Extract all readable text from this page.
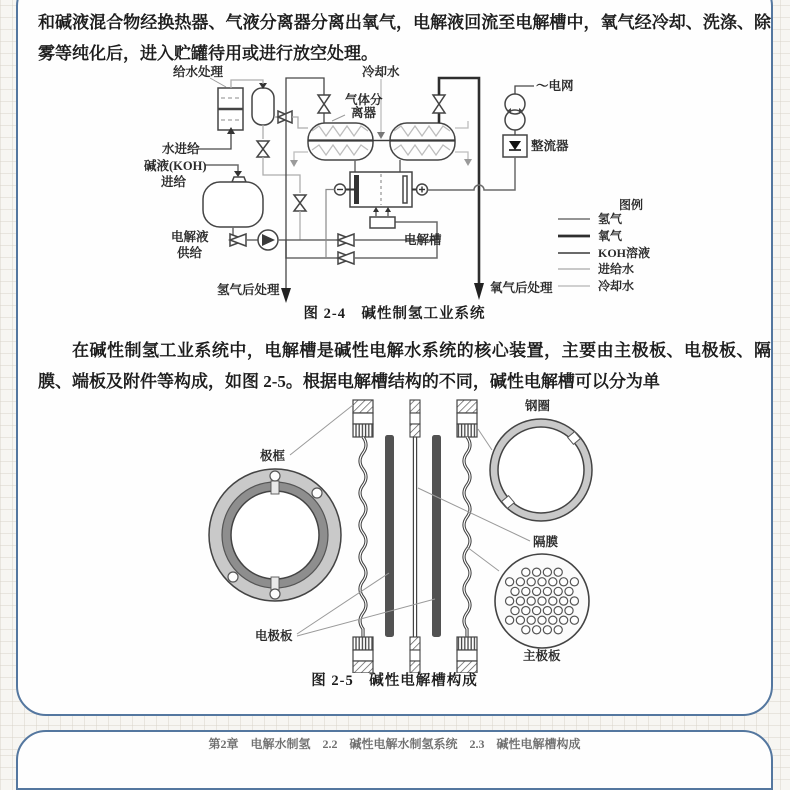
和碱液混合物经换热器、气液分离器分离出氧气，电解液回流至电解槽中，氧气经冷却、洗涤、除雾等纯化后，进入贮罐待用或进行放空处理。

给水处理	冷却水
气体分
离器
～电网
整流器
水进给
碱液(KOH)
进给
电解液
供给
电解槽
氢气后处理	氧气后处理
图例
氢气
氧气
KOH溶液
进给水
冷却水
图 2-4　碱性制氢工业系统

在碱性制氢工业系统中，电解槽是碱性电解水系统的核心装置，主要由主极板、电极板、隔膜、端板及附件等构成，如图 2-5。根据电解槽结构的不同，碱性电解槽可以分为单

极框
钢圈
隔膜
电极板
主极板
图 2-5　碱性电解槽构成
第2章　电解水制氢　2.2　碱性电解水制氢系统　2.3　碱性电解槽构成
